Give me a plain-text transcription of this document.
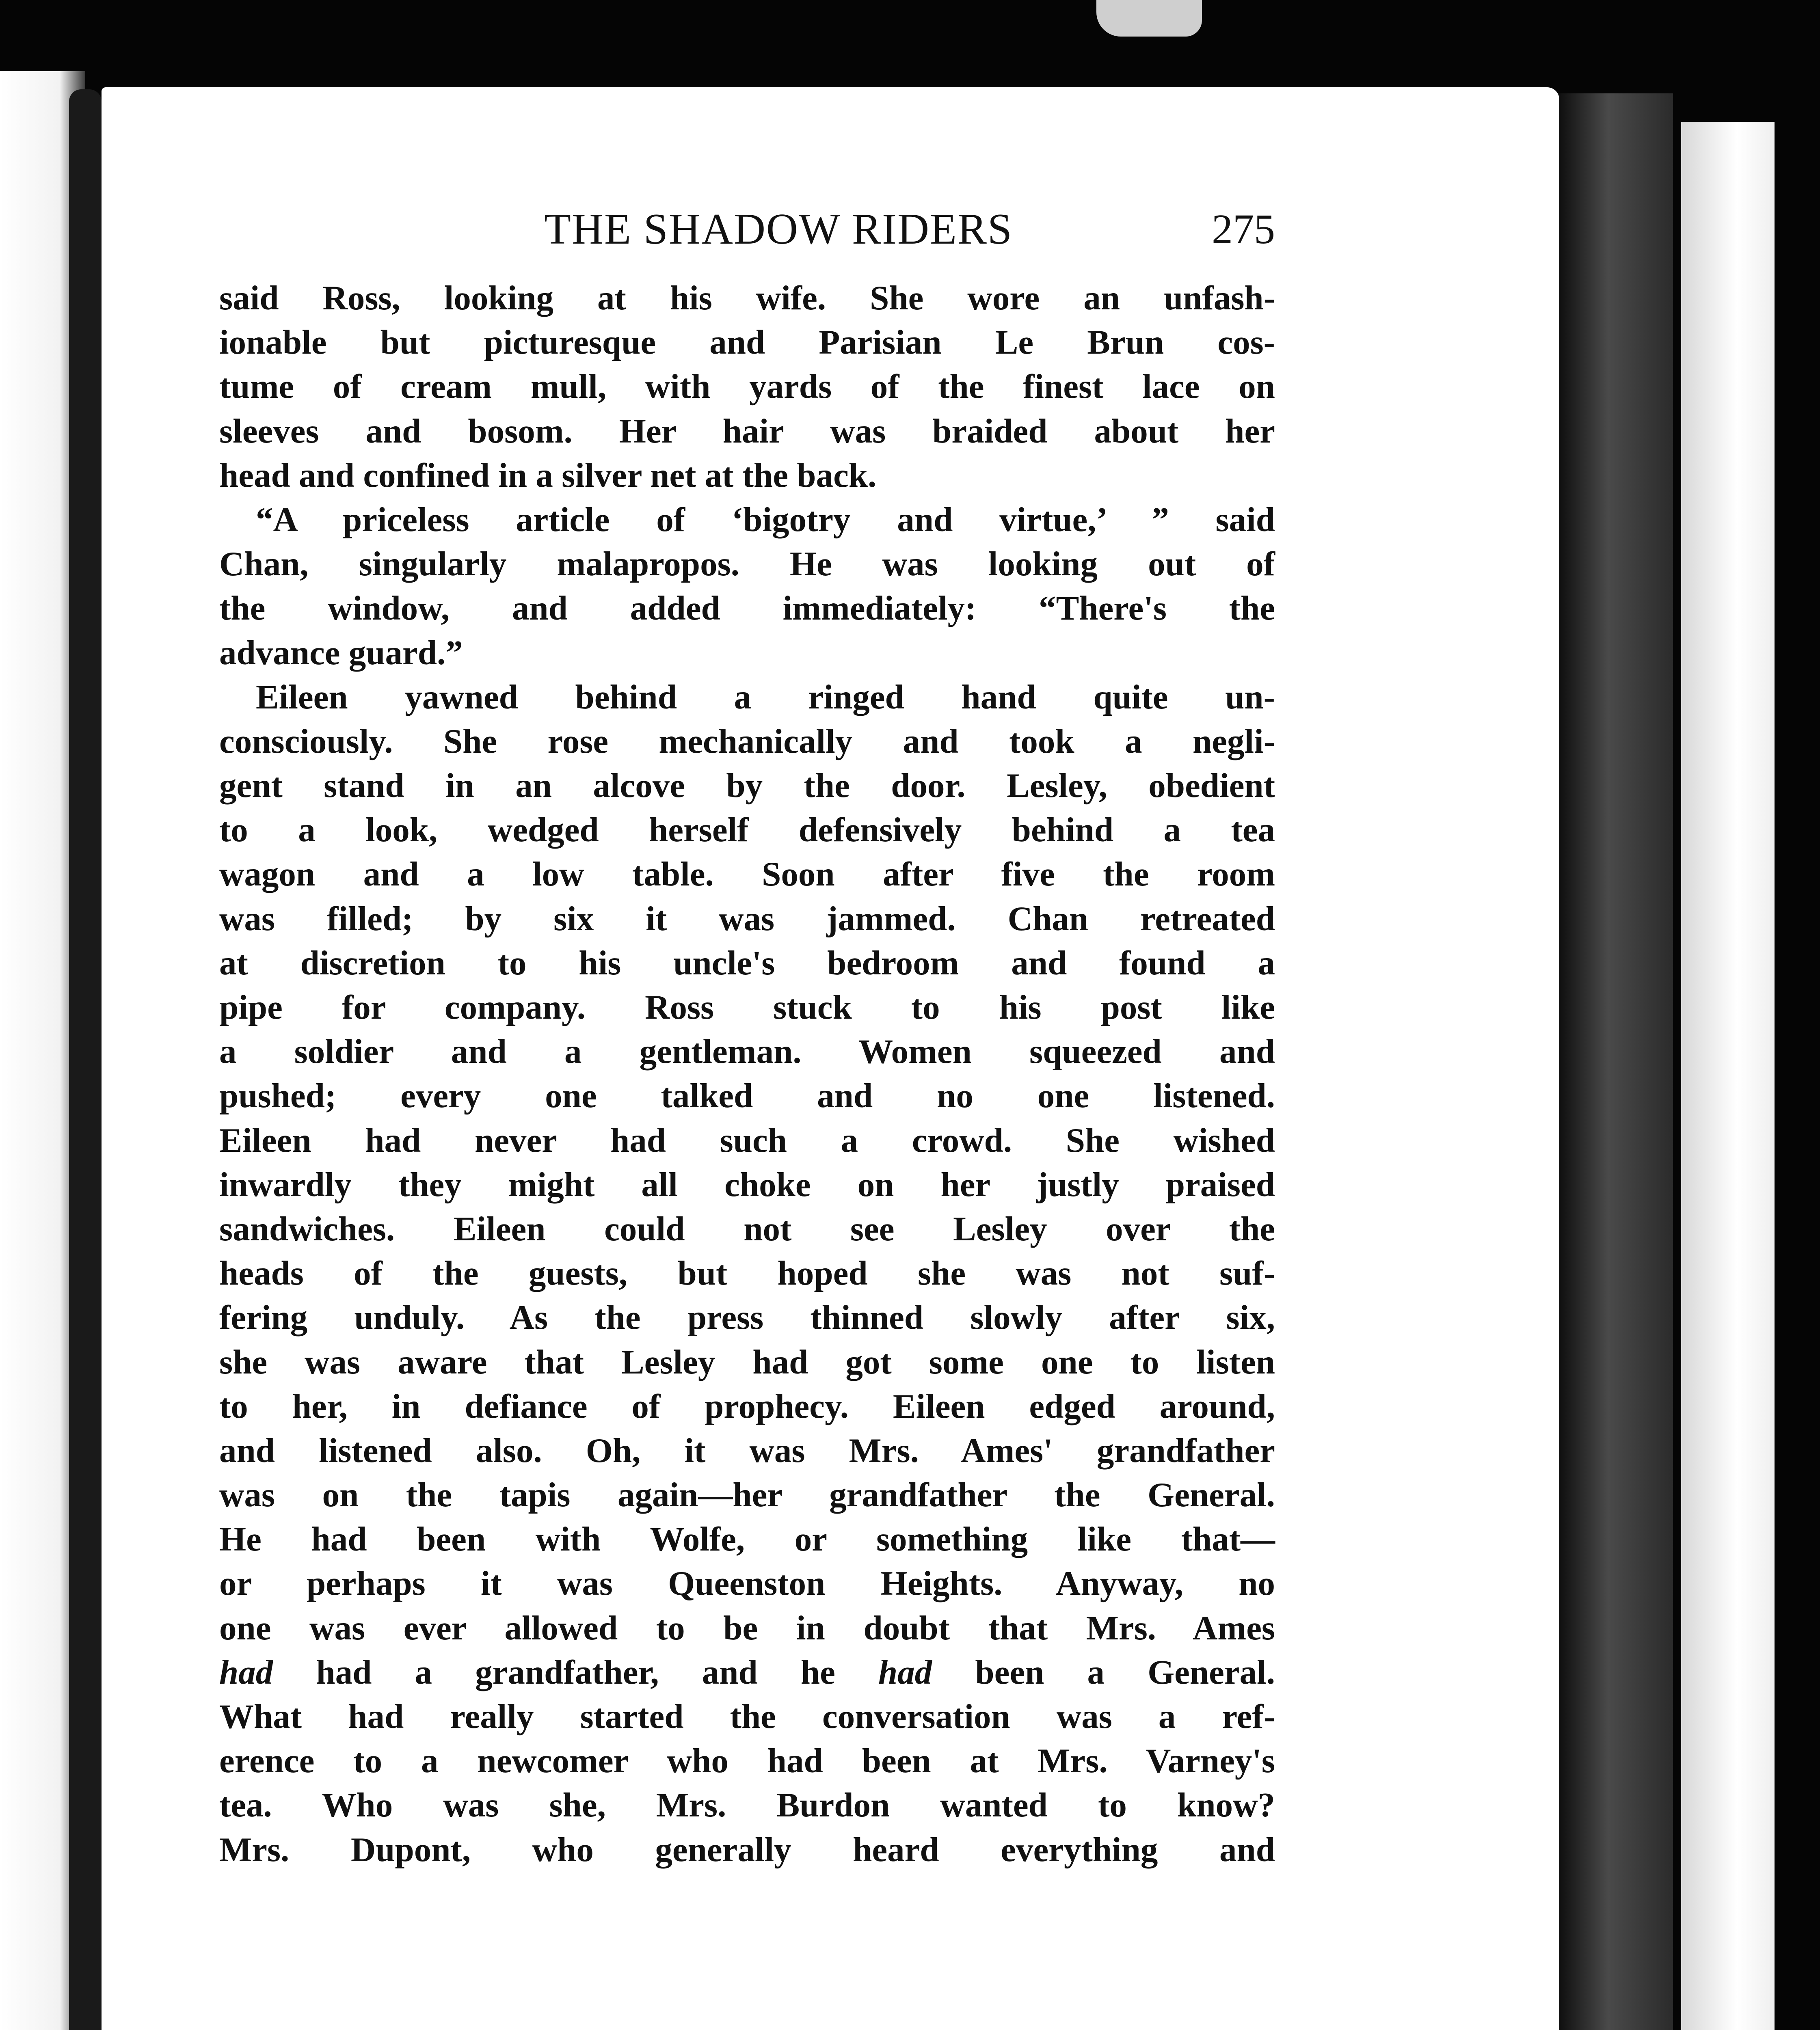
THE SHADOW RIDERS	275
said Ross, looking at his wife. She wore an unfash-
ionable but picturesque and Parisian Le Brun cos-
tume of cream mull, with yards of the finest lace on
sleeves and bosom. Her hair was braided about her
head and confined in a silver net at the back.
“A priceless article of ‘bigotry and virtue,’ ” said
Chan, singularly malapropos. He was looking out of
the window, and added immediately: “There's the
advance guard.”
Eileen yawned behind a ringed hand quite un-
consciously. She rose mechanically and took a negli-
gent stand in an alcove by the door. Lesley, obedient
to a look, wedged herself defensively behind a tea
wagon and a low table. Soon after five the room
was filled; by six it was jammed. Chan retreated
at discretion to his uncle's bedroom and found a
pipe for company. Ross stuck to his post like
a soldier and a gentleman. Women squeezed and
pushed; every one talked and no one listened.
Eileen had never had such a crowd. She wished
inwardly they might all choke on her justly praised
sandwiches. Eileen could not see Lesley over the
heads of the guests, but hoped she was not suf-
fering unduly. As the press thinned slowly after six,
she was aware that Lesley had got some one to listen
to her, in defiance of prophecy. Eileen edged around,
and listened also. Oh, it was Mrs. Ames' grandfather
was on the tapis again—her grandfather the General.
He had been with Wolfe, or something like that—
or perhaps it was Queenston Heights. Anyway, no
one was ever allowed to be in doubt that Mrs. Ames
had had a grandfather, and he had been a General.
What had really started the conversation was a ref-
erence to a newcomer who had been at Mrs. Varney's
tea. Who was she, Mrs. Burdon wanted to know?
Mrs. Dupont, who generally heard everything and
